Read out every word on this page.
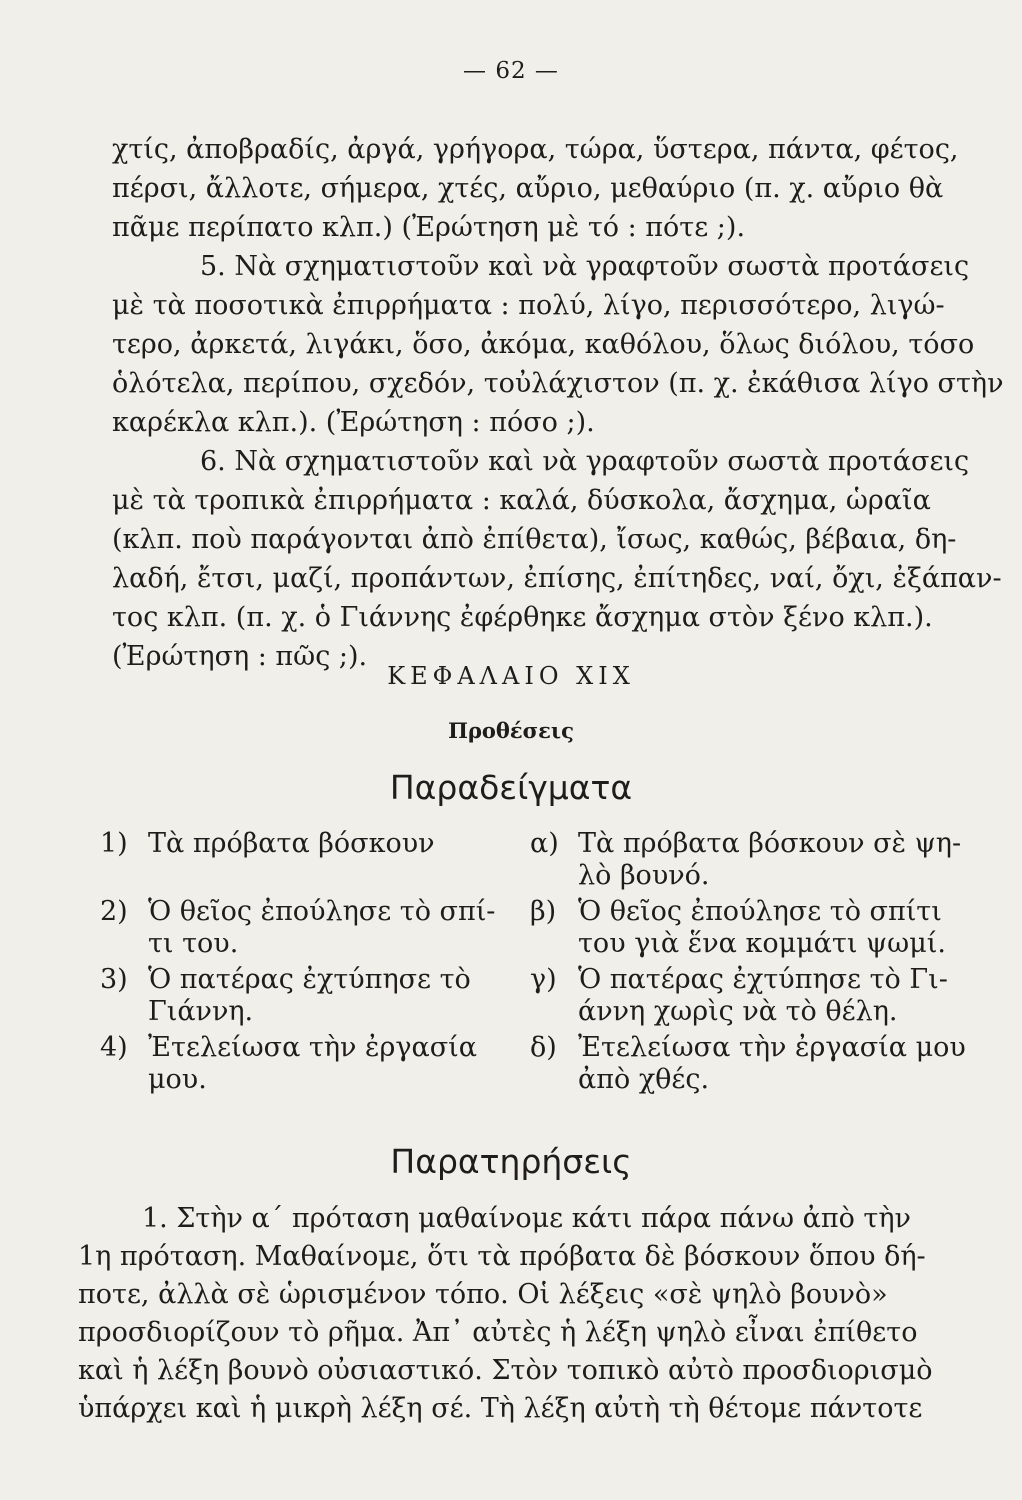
— 62 —
χτίς, ἀποβραδίς, ἀργά, γρήγορα, τώρα, ὕστερα, πάντα, φέτος,
πέρσι, ἄλλοτε, σήμερα, χτές, αὔριο, μεθαύριο (π. χ. αὔριο θὰ
πᾶμε περίπατο κλπ.) (Ἐρώτηση μὲ τό : πότε ;).
5. Νὰ σχηματιστοῦν καὶ νὰ γραφτοῦν σωστὰ προτάσεις
μὲ τὰ ποσοτικὰ ἐπιρρήματα : πολύ, λίγο, περισσότερο, λιγώ-
τερο, ἀρκετά, λιγάκι, ὅσο, ἀκόμα, καθόλου, ὅλως διόλου, τόσο
ὁλότελα, περίπου, σχεδόν, τοὐλάχιστον (π. χ. ἐκάθισα λίγο στὴν
καρέκλα κλπ.). (Ἐρώτηση : πόσο ;).
6. Νὰ σχηματιστοῦν καὶ νὰ γραφτοῦν σωστὰ προτάσεις
μὲ τὰ τροπικὰ ἐπιρρήματα : καλά, δύσκολα, ἄσχημα, ὡραῖα
(κλπ. ποὺ παράγονται ἀπὸ ἐπίθετα), ἴσως, καθώς, βέβαια, δη-
λαδή, ἔτσι, μαζί, προπάντων, ἐπίσης, ἐπίτηδες, ναί, ὄχι, ἐξάπαν-
τος κλπ. (π. χ. ὁ Γιάννης ἐφέρθηκε ἄσχημα στὸν ξένο κλπ.).
(Ἐρώτηση : πῶς ;).
ΚΕΦΑΛΑΙΟ XIX
Προθέσεις
Παραδείγματα
1) Τὰ πρόβατα βόσκουν	α) Τὰ πρόβατα βόσκουν σὲ ψη-
λὸ βουνό.
2) Ὁ θεῖος ἐπούλησε τὸ σπί-
τι του.
β) Ὁ θεῖος ἐπούλησε τὸ σπίτι
του γιὰ ἕνα κομμάτι ψωμί.
3) Ὁ πατέρας ἐχτύπησε τὸ
Γιάννη.
γ) Ὁ πατέρας ἐχτύπησε τὸ Γι-
άννη χωρὶς νὰ τὸ θέλη.
4) Ἐτελείωσα τὴν ἐργασία
μου.
δ) Ἐτελείωσα τὴν ἐργασία μου
ἀπὸ χθές.
Παρατηρήσεις
1. Στὴν α΄ πρόταση μαθαίνομε κάτι πάρα πάνω ἀπὸ τὴν
1η πρόταση. Μαθαίνομε, ὅτι τὰ πρόβατα δὲ βόσκουν ὅπου δή-
ποτε, ἀλλὰ σὲ ὡρισμένον τόπο. Οἱ λέξεις «σὲ ψηλὸ βουνὸ»
προσδιορίζουν τὸ ρῆμα. Ἀπ᾽ αὐτὲς ἡ λέξη ψηλὸ εἶναι ἐπίθετο
καὶ ἡ λέξη βουνὸ οὐσιαστικό. Στὸν τοπικὸ αὐτὸ προσδιορισμὸ
ὑπάρχει καὶ ἡ μικρὴ λέξη σέ. Τὴ λέξη αὐτὴ τὴ θέτομε πάντοτε
